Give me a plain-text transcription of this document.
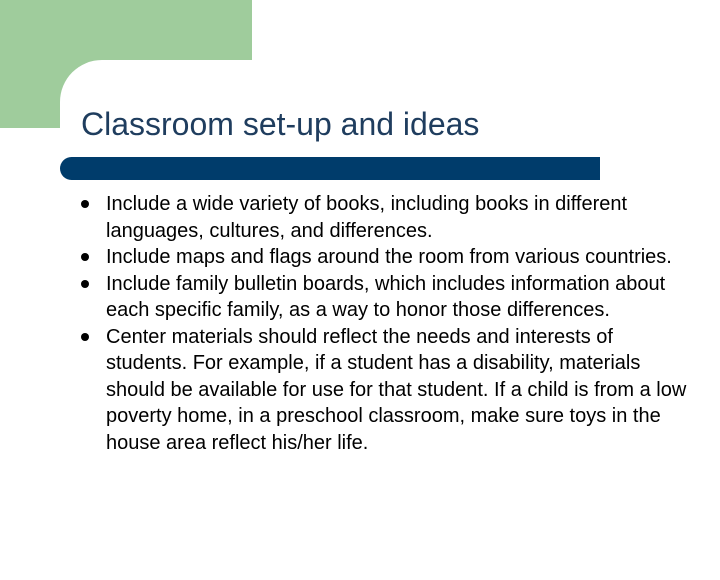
Classroom set-up and ideas
Include a wide variety of books, including books in different languages, cultures, and differences.
Include maps and flags around the room from various countries.
Include family bulletin boards, which includes information about each specific family, as a way to honor those differences.
Center materials should reflect the needs and interests of students. For example, if a student has a disability, materials should be available for use for that student. If a child is from a low poverty home, in a preschool classroom, make sure toys in the house area reflect his/her life.
